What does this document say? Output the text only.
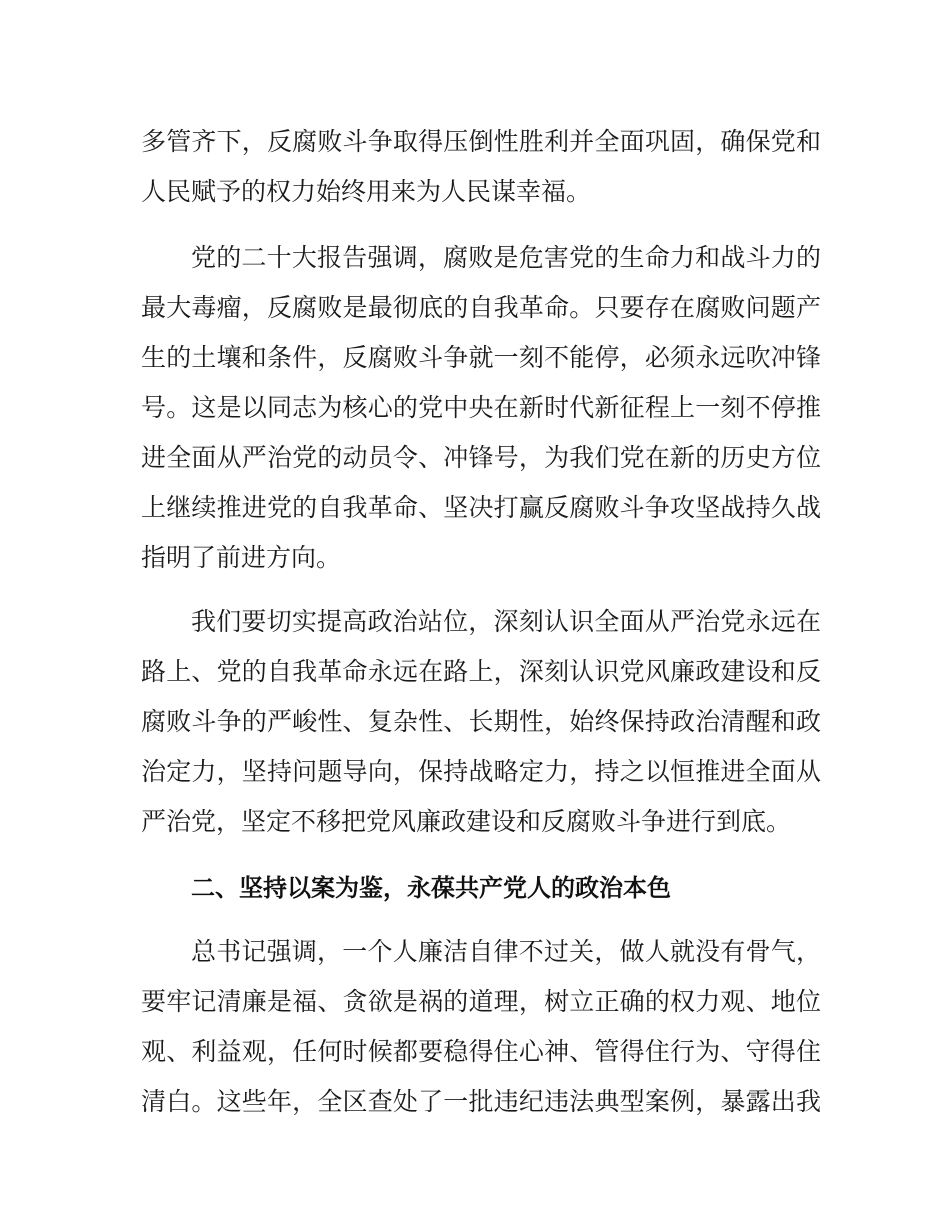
多管齐下，反腐败斗争取得压倒性胜利并全面巩固，确保党和
人民赋予的权力始终用来为人民谋幸福。
党的二十大报告强调，腐败是危害党的生命力和战斗力的
最大毒瘤，反腐败是最彻底的自我革命。只要存在腐败问题产
生的土壤和条件，反腐败斗争就一刻不能停，必须永远吹冲锋
号。这是以同志为核心的党中央在新时代新征程上一刻不停推
进全面从严治党的动员令、冲锋号，为我们党在新的历史方位
上继续推进党的自我革命、坚决打赢反腐败斗争攻坚战持久战
指明了前进方向。
我们要切实提高政治站位，深刻认识全面从严治党永远在
路上、党的自我革命永远在路上，深刻认识党风廉政建设和反
腐败斗争的严峻性、复杂性、长期性，始终保持政治清醒和政
治定力，坚持问题导向，保持战略定力，持之以恒推进全面从
严治党，坚定不移把党风廉政建设和反腐败斗争进行到底。
二、坚持以案为鉴，永葆共产党人的政治本色
总书记强调，一个人廉洁自律不过关，做人就没有骨气，
要牢记清廉是福、贪欲是祸的道理，树立正确的权力观、地位
观、利益观，任何时候都要稳得住心神、管得住行为、守得住
清白。这些年，全区查处了一批违纪违法典型案例，暴露出我
